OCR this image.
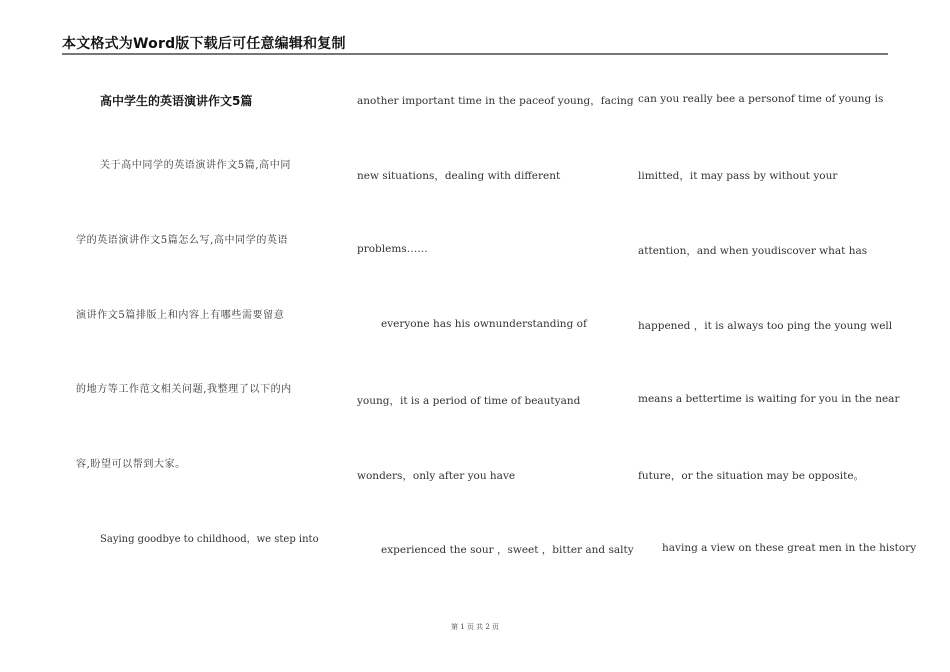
本文格式为Word版下载后可任意编辑和复制
高中学生的英语演讲作文5篇
关于高中同学的英语演讲作文5篇,高中同
学的英语演讲作文5篇怎么写,高中同学的英语
演讲作文5篇排版上和内容上有哪些需要留意
的地方等工作范文相关问题,我整理了以下的内
容,盼望可以帮到大家。
Saying goodbye to childhood，we step into
another important time in the paceof young，facing
new situations，dealing with different
problems……
everyone has his ownunderstanding of
young，it is a period of time of beautyand
wonders，only after you have
experienced the sour ，sweet ，bitter and salty
can you really bee a personof time of young is
limitted，it may pass by without your
attention，and when youdiscover what has
happened ，it is always too ping the young well
means a bettertime is waiting for you in the near
future，or the situation may be opposite。
having a view on these great men in the history
第 1 页 共 2 页
